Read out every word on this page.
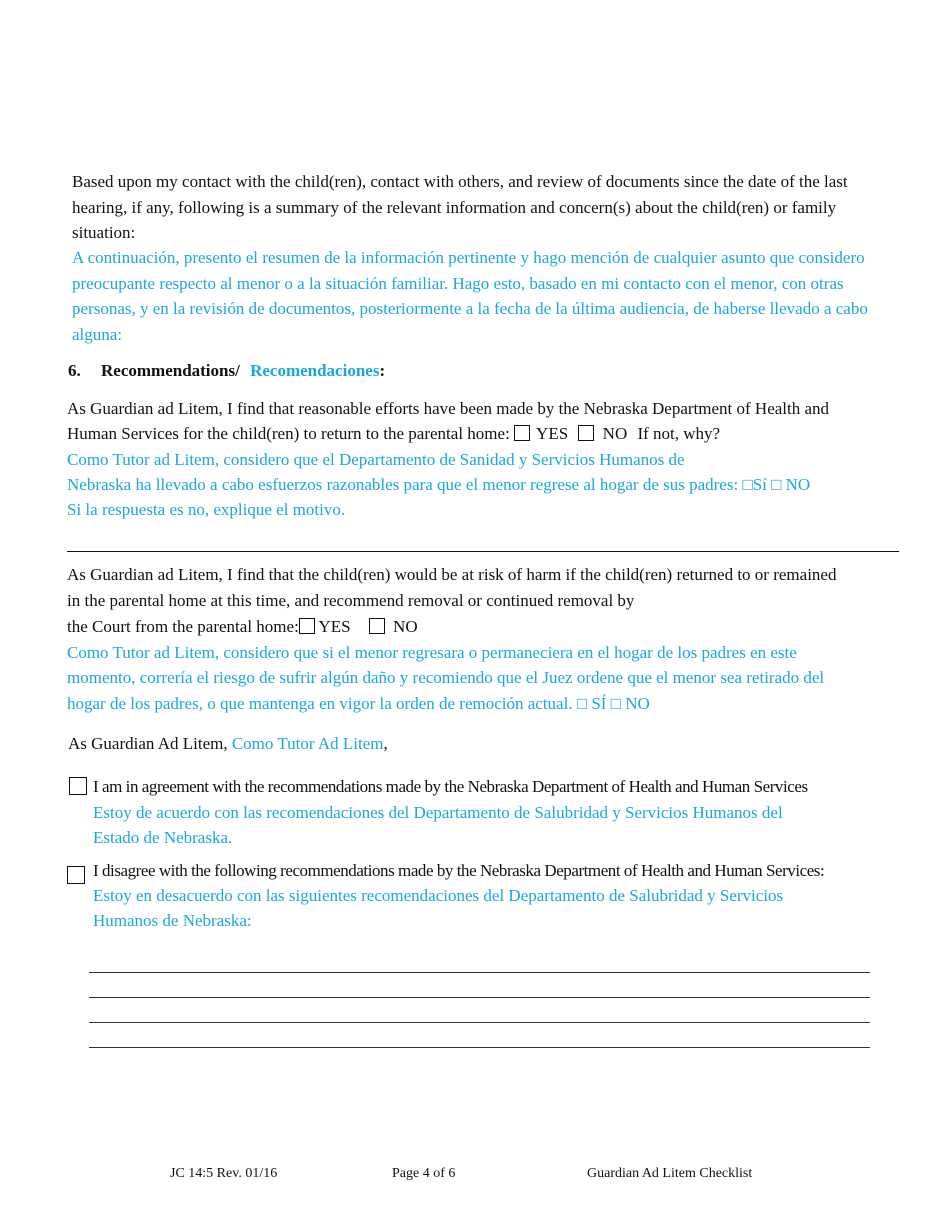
Based upon my contact with the child(ren), contact with others, and review of documents since the date of the last hearing, if any, following is a summary of the relevant information and concern(s) about the child(ren) or family situation:
A continuación, presento el resumen de la información pertinente y hago mención de cualquier asunto que considero preocupante respecto al menor o a la situación familiar. Hago esto, basado en mi contacto con el menor, con otras personas, y en la revisión de documentos, posteriormente a la fecha de la última audiencia, de haberse llevado a cabo alguna:
6. Recommendations/ Recomendaciones:
As Guardian ad Litem, I find that reasonable efforts have been made by the Nebraska Department of Health and
Human Services for the child(ren) to return to the parental home: YES NO If not, why?
Como Tutor ad Litem, considero que el Departamento de Sanidad y Servicios Humanos de
Nebraska ha llevado a cabo esfuerzos razonables para que el menor regrese al hogar de sus padres: □Sí □ NO
Si la respuesta es no, explique el motivo.
As Guardian ad Litem, I find that the child(ren) would be at risk of harm if the child(ren) returned to or remained
in the parental home at this time, and recommend removal or continued removal by
the Court from the parental home: YES	NO
Como Tutor ad Litem, considero que si el menor regresara o permaneciera en el hogar de los padres en este
momento, correría el riesgo de sufrir algún daño y recomiendo que el Juez ordene que el menor sea retirado del
hogar de los padres, o que mantenga en vigor la orden de remoción actual. □ SÍ □ NO
As Guardian Ad Litem, Como Tutor Ad Litem,
I am in agreement with the recommendations made by the Nebraska Department of Health and Human Services
Estoy de acuerdo con las recomendaciones del Departamento de Salubridad y Servicios Humanos del
Estado de Nebraska.
I disagree with the following recommendations made by the Nebraska Department of Health and Human Services:
Estoy en desacuerdo con las siguientes recomendaciones del Departamento de Salubridad y Servicios
Humanos de Nebraska:
JC 14:5 Rev. 01/16	Page 4 of 6	Guardian Ad Litem Checklist
